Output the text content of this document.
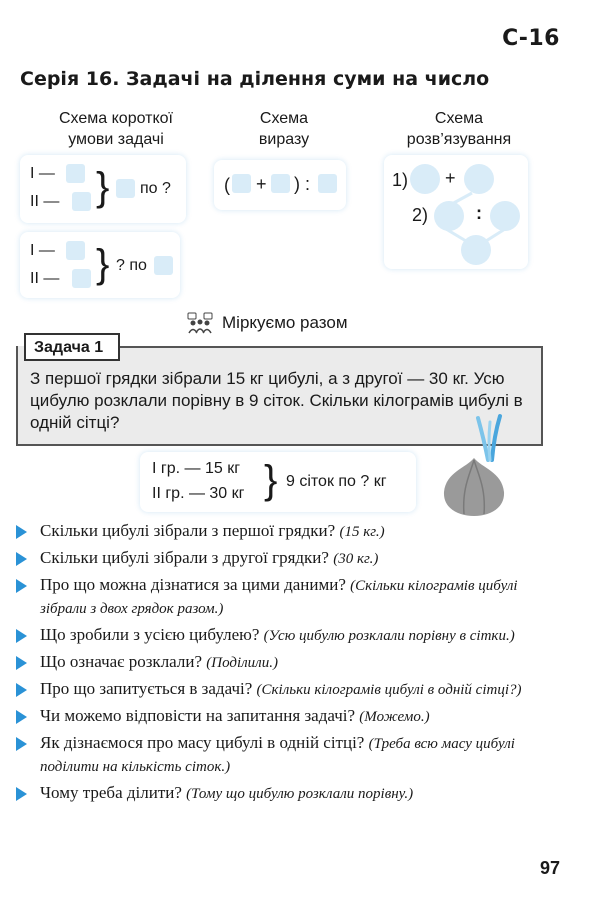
С-16
Серія 16. Задачі на ділення суми на число
Схема короткої умови задачі
Схема виразу
Схема розв’язування
I —
II — } по ?
I —
II — } ? по
( + ) :	1) +
2)	:
Міркуємо разом
Задача 1
З першої грядки зібрали 15 кг цибулі, а з другої — 30 кг. Усю цибулю розклали порівну в 9 сіток. Скільки кілограмів цибулі в одній сітці?
I гр. — 15 кг
II гр. — 30 кг } 9 сіток по ? кг
Скільки цибулі зібрали з першої грядки? (15 кг.)
Скільки цибулі зібрали з другої грядки? (30 кг.)
Про що можна дізнатися за цими даними? (Скільки кілограмів цибулі зібрали з двох грядок разом.)
Що зробили з усією цибулею? (Усю цибулю розклали порівну в сітки.)
Що означає розклали? (Поділили.)
Про що запитується в задачі? (Скільки кілограмів цибулі в одній сітці?)
Чи можемо відповісти на запитання задачі? (Можемо.)
Як дізнаємося про масу цибулі в одній сітці? (Треба всю масу цибулі поділити на кількість сіток.)
Чому треба ділити? (Тому що цибулю розклали порівну.)
97
